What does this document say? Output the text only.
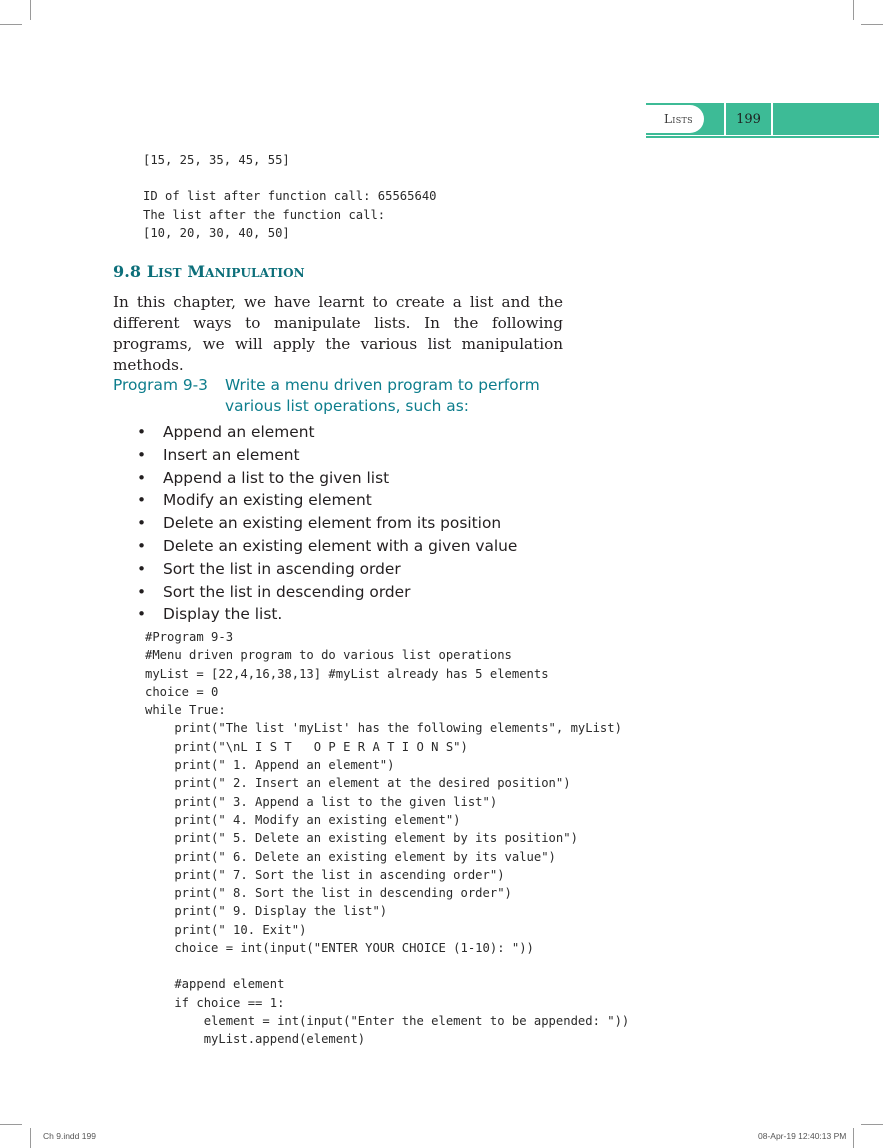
Lists	199
[15, 25, 35, 45, 55]
ID of list after function call: 65565640
The list after the function call:
[10, 20, 30, 40, 50]
9.8 LIST MANIPULATION

In this chapter, we have learnt to create a list and the different ways to manipulate lists. In the following programs, we will apply the various list manipulation methods.

Program 9-3 Write a menu driven program to perform various list operations, such as:

• Append an element
• Insert an element
• Append a list to the given list
• Modify an existing element
• Delete an existing element from its position
• Delete an existing element with a given value
• Sort the list in ascending order
• Sort the list in descending order
• Display the list.
#Program 9-3
#Menu driven program to do various list operations
myList = [22,4,16,38,13] #myList already has 5 elements
choice = 0
while True:
print("The list 'myList' has the following elements", myList)
print("\nL I S T   O P E R A T I O N S")
print(" 1. Append an element")
print(" 2. Insert an element at the desired position")
print(" 3. Append a list to the given list")
print(" 4. Modify an existing element")
print(" 5. Delete an existing element by its position")
print(" 6. Delete an existing element by its value")
print(" 7. Sort the list in ascending order")
print(" 8. Sort the list in descending order")
print(" 9. Display the list")
print(" 10. Exit")
choice = int(input("ENTER YOUR CHOICE (1-10): "))
#append element
if choice == 1:
element = int(input("Enter the element to be appended: "))
myList.append(element)
Ch 9.indd 199	08-Apr-19 12:40:13 PM
